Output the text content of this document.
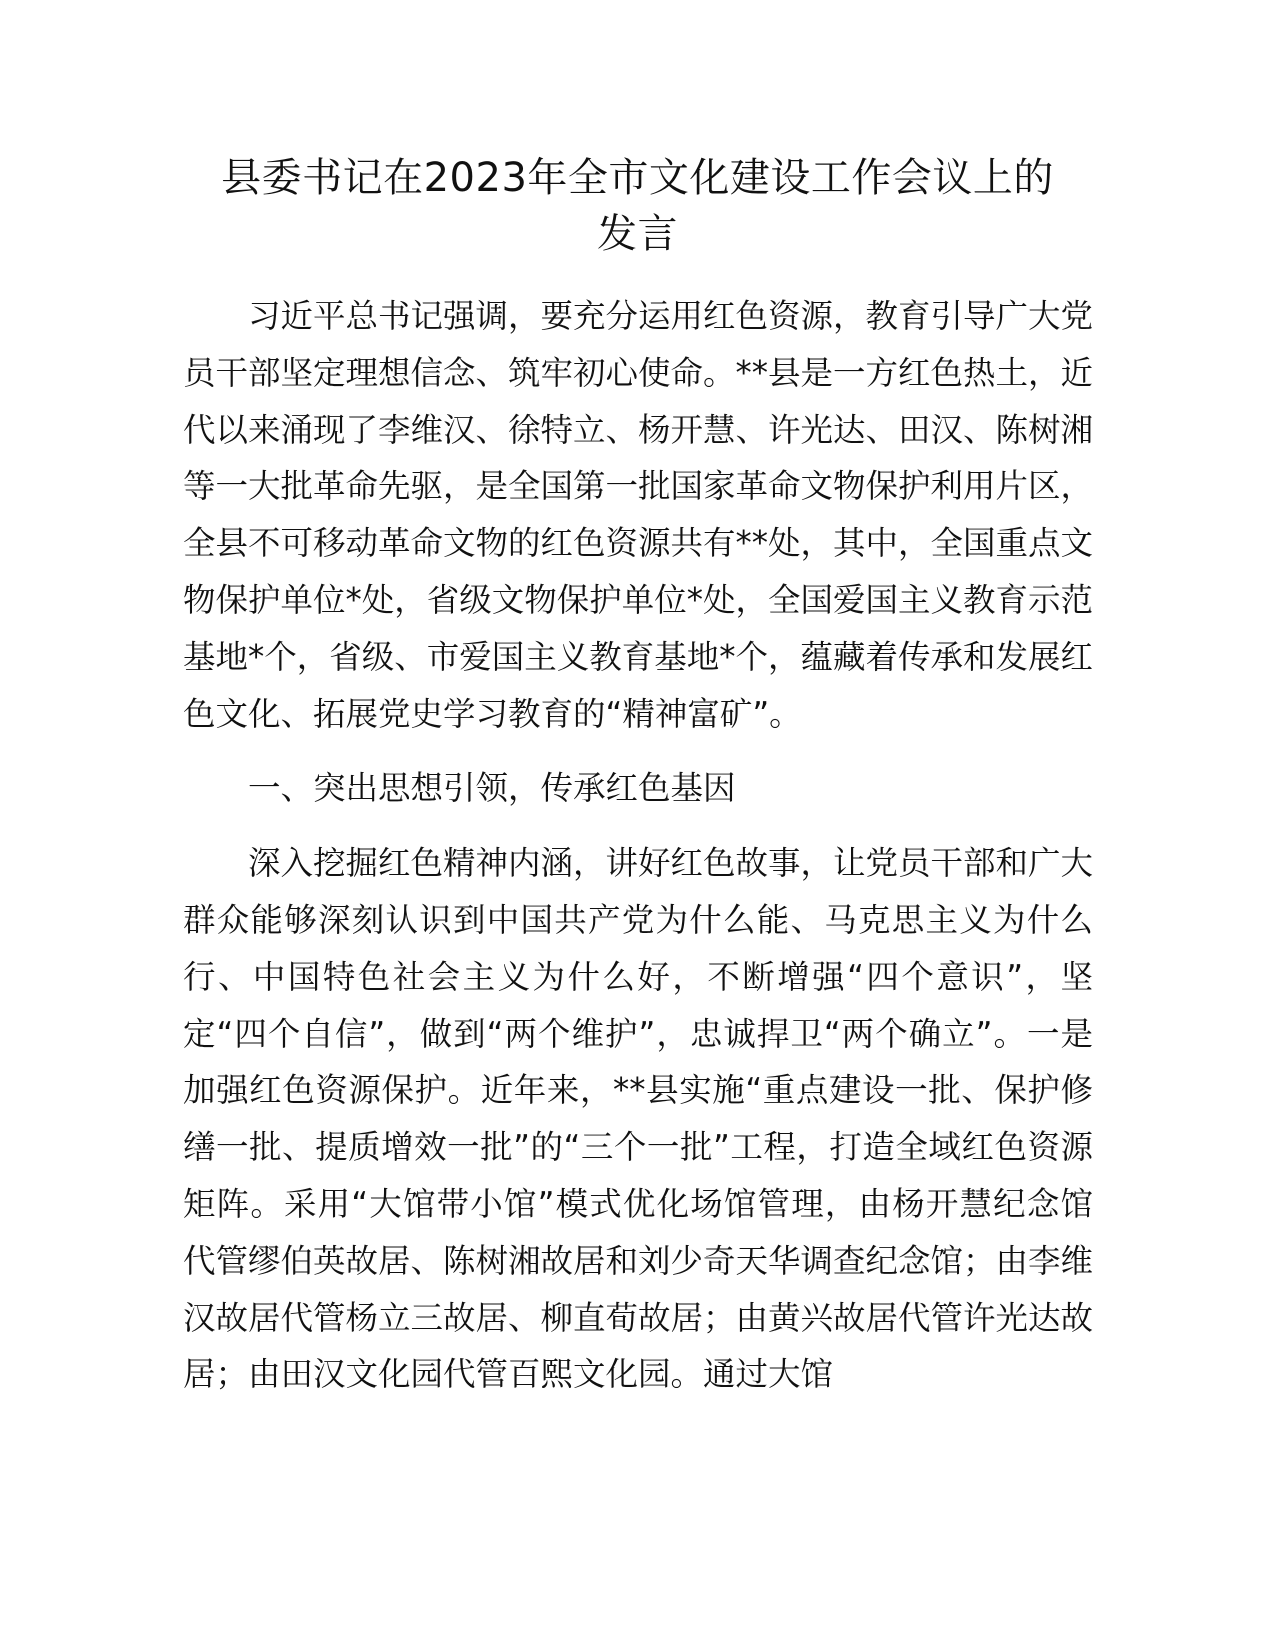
县委书记在2023年全市文化建设工作会议上的
发言

习近平总书记强调，要充分运用红色资源，教育引导广大党员干部坚定理想信念、筑牢初心使命。**县是一方红色热土，近代以来涌现了李维汉、徐特立、杨开慧、许光达、田汉、陈树湘等一大批革命先驱，是全国第一批国家革命文物保护利用片区，全县不可移动革命文物的红色资源共有**处，其中，全国重点文物保护单位*处，省级文物保护单位*处，全国爱国主义教育示范基地*个，省级、市爱国主义教育基地*个，蕴藏着传承和发展红色文化、拓展党史学习教育的“精神富矿”。

一、突出思想引领，传承红色基因

深入挖掘红色精神内涵，讲好红色故事，让党员干部和广大群众能够深刻认识到中国共产党为什么能、马克思主义为什么行、中国特色社会主义为什么好，不断增强“四个意识”，坚定“四个自信”，做到“两个维护”，忠诚捍卫“两个确立”。一是加强红色资源保护。近年来，**县实施“重点建设一批、保护修缮一批、提质增效一批”的“三个一批”工程，打造全域红色资源矩阵。采用“大馆带小馆”模式优化场馆管理，由杨开慧纪念馆代管缪伯英故居、陈树湘故居和刘少奇天华调查纪念馆；由李维汉故居代管杨立三故居、柳直荀故居；由黄兴故居代管许光达故居；由田汉文化园代管百熙文化园。通过大馆
